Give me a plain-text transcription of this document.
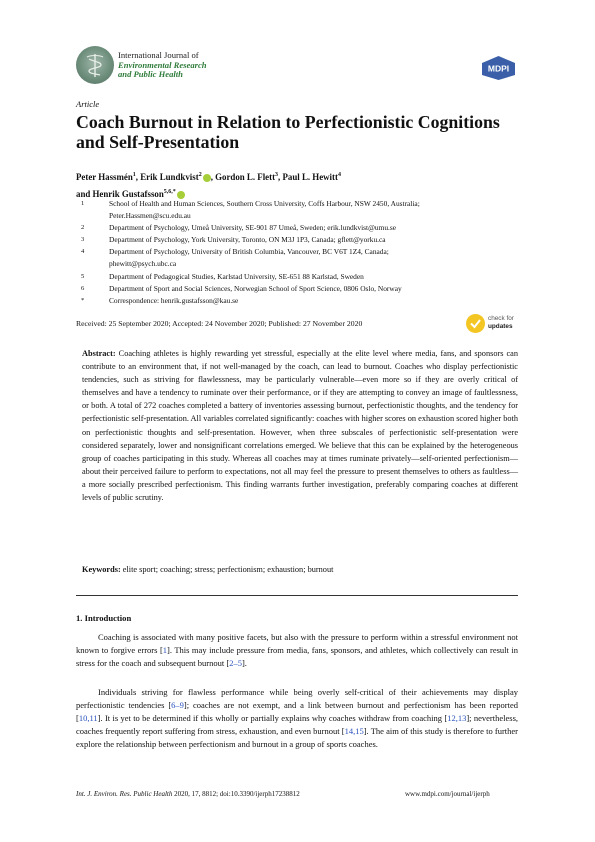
International Journal of
Environmental Research
and Public Health
MDPI
Article
Coach Burnout in Relation to Perfectionistic Cognitions and Self-Presentation
Peter Hassmén$^1$, Erik Lundkvist$^2$ , Gordon L. Flett$^3$, Paul L. Hewitt$^4$
and Henrik Gustafsson$^{5,6,*}$
1	School of Health and Human Sciences, Southern Cross University, Coffs Harbour, NSW 2450, Australia;
Peter.Hassmen@scu.edu.au
2	Department of Psychology, Umeå University, SE-901 87 Umeå, Sweden; erik.lundkvist@umu.se
3	Department of Psychology, York University, Toronto, ON M3J 1P3, Canada; gflett@yorku.ca
4	Department of Psychology, University of British Columbia, Vancouver, BC V6T 1Z4, Canada;
phewitt@psych.ubc.ca
5	Department of Pedagogical Studies, Karlstad University, SE-651 88 Karlstad, Sweden
6	Department of Sport and Social Sciences, Norwegian School of Sport Science, 0806 Oslo, Norway
*	Correspondence: henrik.gustafsson@kau.se
Received: 25 September 2020; Accepted: 24 November 2020; Published: 27 November 2020
check for
updates
Abstract: Coaching athletes is highly rewarding yet stressful, especially at the elite level where media, fans, and sponsors can contribute to an environment that, if not well-managed by the coach, can lead to burnout. Coaches who display perfectionistic tendencies, such as striving for flawlessness, may be particularly vulnerable—even more so if they are overly critical of themselves and have a tendency to ruminate over their performance, or if they are attempting to convey an image of faultlessness, or both. A total of 272 coaches completed a battery of inventories assessing burnout, perfectionistic thoughts, and the tendency for perfectionistic self-presentation. All variables correlated significantly: coaches with higher scores on exhaustion scored higher both on perfectionistic thoughts and self-presentation. However, when three subscales of perfectionistic self-presentation were considered separately, lower and nonsignificant correlations emerged. We believe that this can be explained by the heterogeneous group of coaches participating in this study. Whereas all coaches may at times ruminate privately—self-oriented perfectionism—about their perceived failure to perform to expectations, not all may feel the pressure to present themselves to others as faultless—a more socially prescribed perfectionism. This finding warrants further investigation, preferably comparing coaches at different levels of public scrutiny.
Keywords: elite sport; coaching; stress; perfectionism; exhaustion; burnout
1. Introduction
Coaching is associated with many positive facets, but also with the pressure to perform within a stressful environment not known to forgive errors [1]. This may include pressure from media, fans, sponsors, and athletes, which collectively can result in stress for the coach and subsequent burnout [2–5].
Individuals striving for flawless performance while being overly self-critical of their achievements may display perfectionistic tendencies [6–9]; coaches are not exempt, and a link between burnout and perfectionism has been reported [10,11]. It is yet to be determined if this wholly or partially explains why coaches withdraw from coaching [12,13]; nevertheless, coaches frequently report suffering from stress, exhaustion, and even burnout [14,15]. The aim of this study is therefore to further explore the relationship between perfectionism and burnout in a group of sports coaches.
Int. J. Environ. Res. Public Health 2020, 17, 8812; doi:10.3390/ijerph17238812	www.mdpi.com/journal/ijerph
